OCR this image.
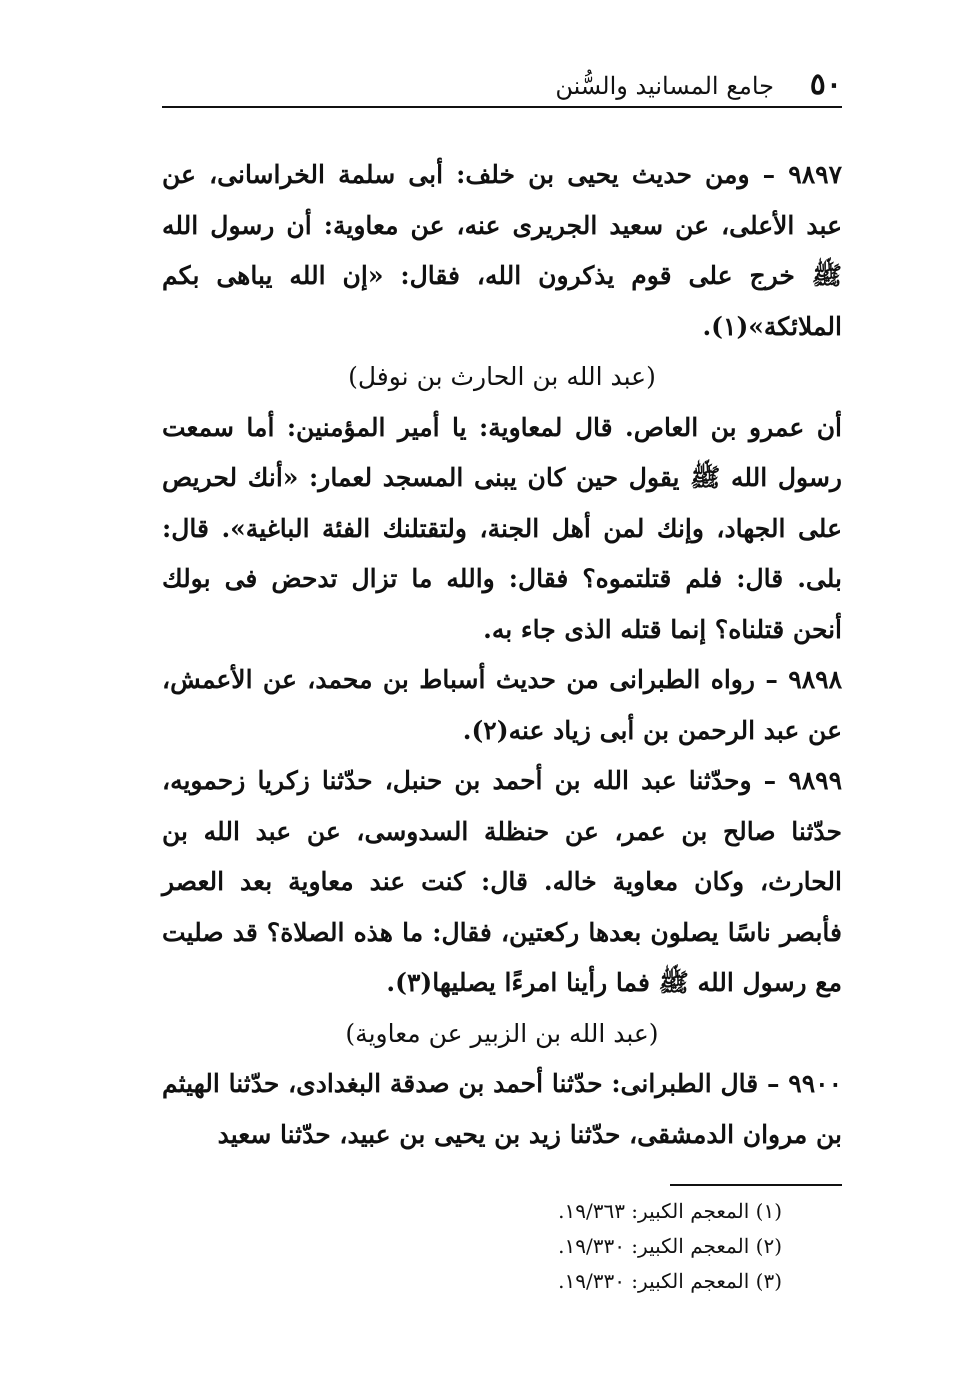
٥٠
جامع المسانيد والسُّنن

٩٨٩٧ – ومن حديث يحيى بن خلف: أبى سلمة الخراسانى، عن عبد الأعلى، عن سعيد الجريرى عنه، عن معاوية: أن رسول الله ﷺ خرج على قوم يذكرون الله، فقال: «إن الله يباهى بكم الملائكة»(١).

(عبد الله بن الحارث بن نوفل)

أن عمرو بن العاص. قال لمعاوية: يا أمير المؤمنين: أما سمعت رسول الله ﷺ يقول حين كان يبنى المسجد لعمار: «أنك لحريص على الجهاد، وإنك لمن أهل الجنة، ولتقتلنك الفئة الباغية». قال: بلى. قال: فلم قتلتموه؟ فقال: والله ما تزال تدحض فى بولك أنحن قتلناه؟ إنما قتله الذى جاء به.

٩٨٩٨ – رواه الطبرانى من حديث أسباط بن محمد، عن الأعمش، عن عبد الرحمن بن أبى زياد عنه(٢).

٩٨٩٩ – وحدّثنا عبد الله بن أحمد بن حنبل، حدّثنا زكريا زحمويه، حدّثنا صالح بن عمر، عن حنظلة السدوسى، عن عبد الله بن الحارث، وكان معاوية خاله. قال: كنت عند معاوية بعد العصر فأبصر ناسًا يصلون بعدها ركعتين، فقال: ما هذه الصلاة؟ قد صليت مع رسول الله ﷺ فما رأينا امرءًا يصليها(٣).

(عبد الله بن الزبير عن معاوية)

٩٩٠٠ – قال الطبرانى: حدّثنا أحمد بن صدقة البغدادى، حدّثنا الهيثم بن مروان الدمشقى، حدّثنا زيد بن يحيى بن عبيد، حدّثنا سعيد

(١) المعجم الكبير: ١٩/٣٦٣.
(٢) المعجم الكبير: ١٩/٣٣٠.
(٣) المعجم الكبير: ١٩/٣٣٠.
